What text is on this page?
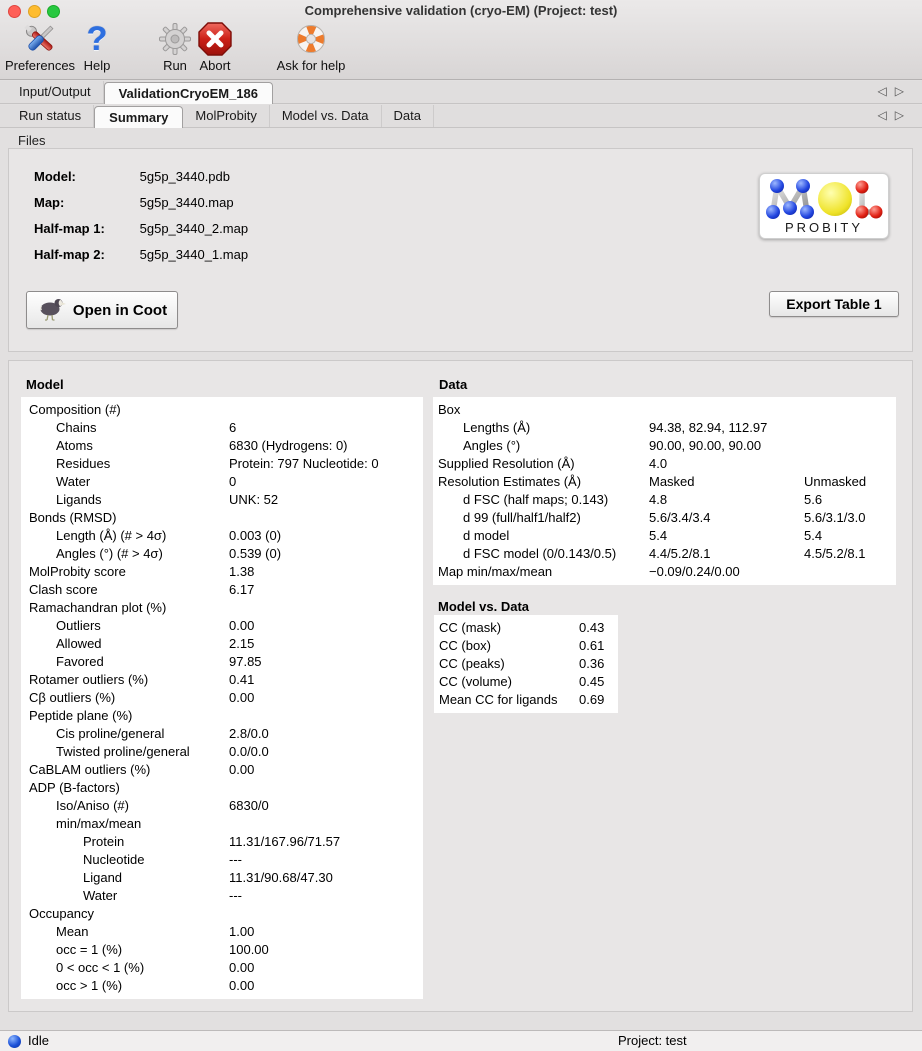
Comprehensive validation (cryo-EM) (Project: test)
Preferences
?
Help	Run Abort	Ask for help
Input/Output	ValidationCryoEM_186	◁▷
Run status	Summary	MolProbity	Model vs. Data	Data	◁▷
Files
Model:	5g5p_3440.pdb
Map:	5g5p_3440.map
Half-map 1:	5g5p_3440_2.map
Half-map 2:	5g5p_3440_1.map
Open in Coot
PROBITY
Export Table 1
Model
Composition (#)
Chains	6
Atoms	6830 (Hydrogens: 0)
Residues	Protein: 797 Nucleotide: 0
Water	0
Ligands	UNK: 52
Bonds (RMSD)
Length (Å) (# > 4σ)	0.003 (0)
Angles (°) (# > 4σ)	0.539 (0)
MolProbity score	1.38
Clash score	6.17
Ramachandran plot (%)
Outliers	0.00
Allowed	2.15
Favored	97.85
Rotamer outliers (%)	0.41
Cβ outliers (%)	0.00
Peptide plane (%)
Cis proline/general	2.8/0.0
Twisted proline/general	0.0/0.0
CaBLAM outliers (%)	0.00
ADP (B-factors)
Iso/Aniso (#)	6830/0
min/max/mean
Protein	11.31/167.96/71.57
Nucleotide	---
Ligand	11.31/90.68/47.30
Water	---
Occupancy
Mean	1.00
occ = 1 (%)	100.00
0 < occ < 1 (%)	0.00
occ > 1 (%)	0.00
Data
Box
Lengths (Å)	94.38, 82.94, 112.97
Angles (°)	90.00, 90.00, 90.00
Supplied Resolution (Å)	4.0
Resolution Estimates (Å)	Masked	Unmasked
d FSC (half maps; 0.143)	4.8	5.6
d 99 (full/half1/half2)	5.6/3.4/3.4	5.6/3.1/3.0
d model	5.4	5.4
d FSC model (0/0.143/0.5)	4.4/5.2/8.1	4.5/5.2/8.1
Map min/max/mean	−0.09/0.24/0.00
Model vs. Data
CC (mask)	0.43
CC (box)	0.61
CC (peaks)	0.36
CC (volume)	0.45
Mean CC for ligands 0.69
Idle	Project: test
